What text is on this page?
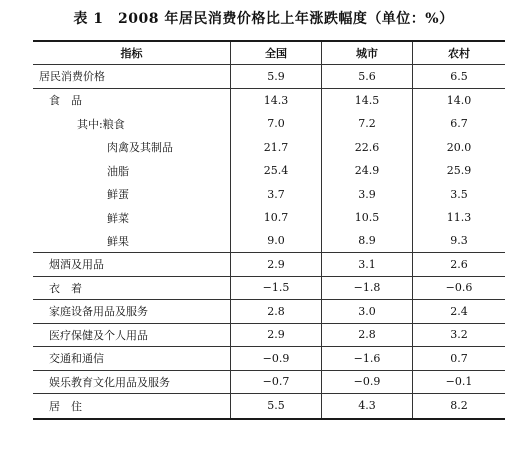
表 1　2008 年居民消费价格比上年涨跌幅度（单位：%）
指标	全国	城市	农村
居民消费价格	5.9	5.6	6.5
食　品	14.3	14.5	14.0
其中:粮食	7.0	7.2	6.7
肉禽及其制品	21.7	22.6	20.0
油脂	25.4	24.9	25.9
鲜蛋	3.7	3.9	3.5
鲜菜	10.7	10.5	11.3
鲜果	9.0	8.9	9.3
烟酒及用品	2.9	3.1	2.6
衣　着	−1.5	−1.8	−0.6
家庭设备用品及服务	2.8	3.0	2.4
医疗保健及个人用品	2.9	2.8	3.2
交通和通信	−0.9	−1.6	0.7
娱乐教育文化用品及服务	−0.7	−0.9	−0.1
居　住	5.5	4.3	8.2
